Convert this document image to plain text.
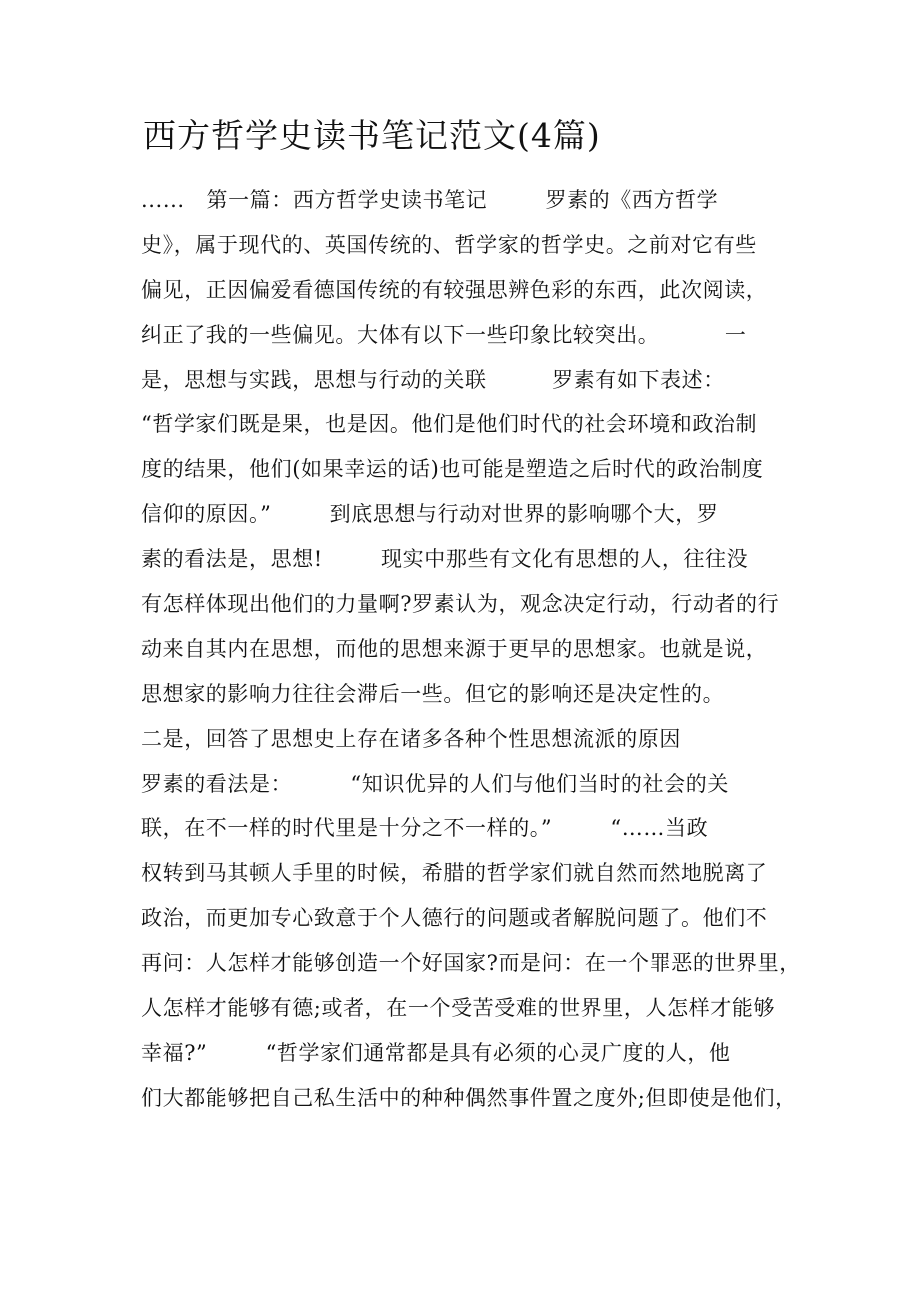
西方哲学史读书笔记范文(4篇)
......   第一篇：西方哲学史读书笔记        罗素的《西方哲学
史》，属于现代的、英国传统的、哲学家的哲学史。之前对它有些
偏见，正因偏爱看德国传统的有较强思辨色彩的东西，此次阅读，
纠正了我的一些偏见。大体有以下一些印象比较突出。         一
是，思想与实践，思想与行动的关联         罗素有如下表述：
“哲学家们既是果，也是因。他们是他们时代的社会环境和政治制
度的结果，他们(如果幸运的话)也可能是塑造之后时代的政治制度
信仰的原因。”        到底思想与行动对世界的影响哪个大，罗
素的看法是，思想!        现实中那些有文化有思想的人，往往没
有怎样体现出他们的力量啊?罗素认为，观念决定行动，行动者的行
动来自其内在思想，而他的思想来源于更早的思想家。也就是说，
思想家的影响力往往会滞后一些。但它的影响还是决定性的。
二是，回答了思想史上存在诸多各种个性思想流派的原因
罗素的看法是：        “知识优异的人们与他们当时的社会的关
联，在不一样的时代里是十分之不一样的。”        “……当政
权转到马其顿人手里的时候，希腊的哲学家们就自然而然地脱离了
政治，而更加专心致意于个人德行的问题或者解脱问题了。他们不
再问：人怎样才能够创造一个好国家?而是问：在一个罪恶的世界里，
人怎样才能够有德;或者，在一个受苦受难的世界里，人怎样才能够
幸福?”        “哲学家们通常都是具有必须的心灵广度的人，他
们大都能够把自己私生活中的种种偶然事件置之度外;但即使是他们，
